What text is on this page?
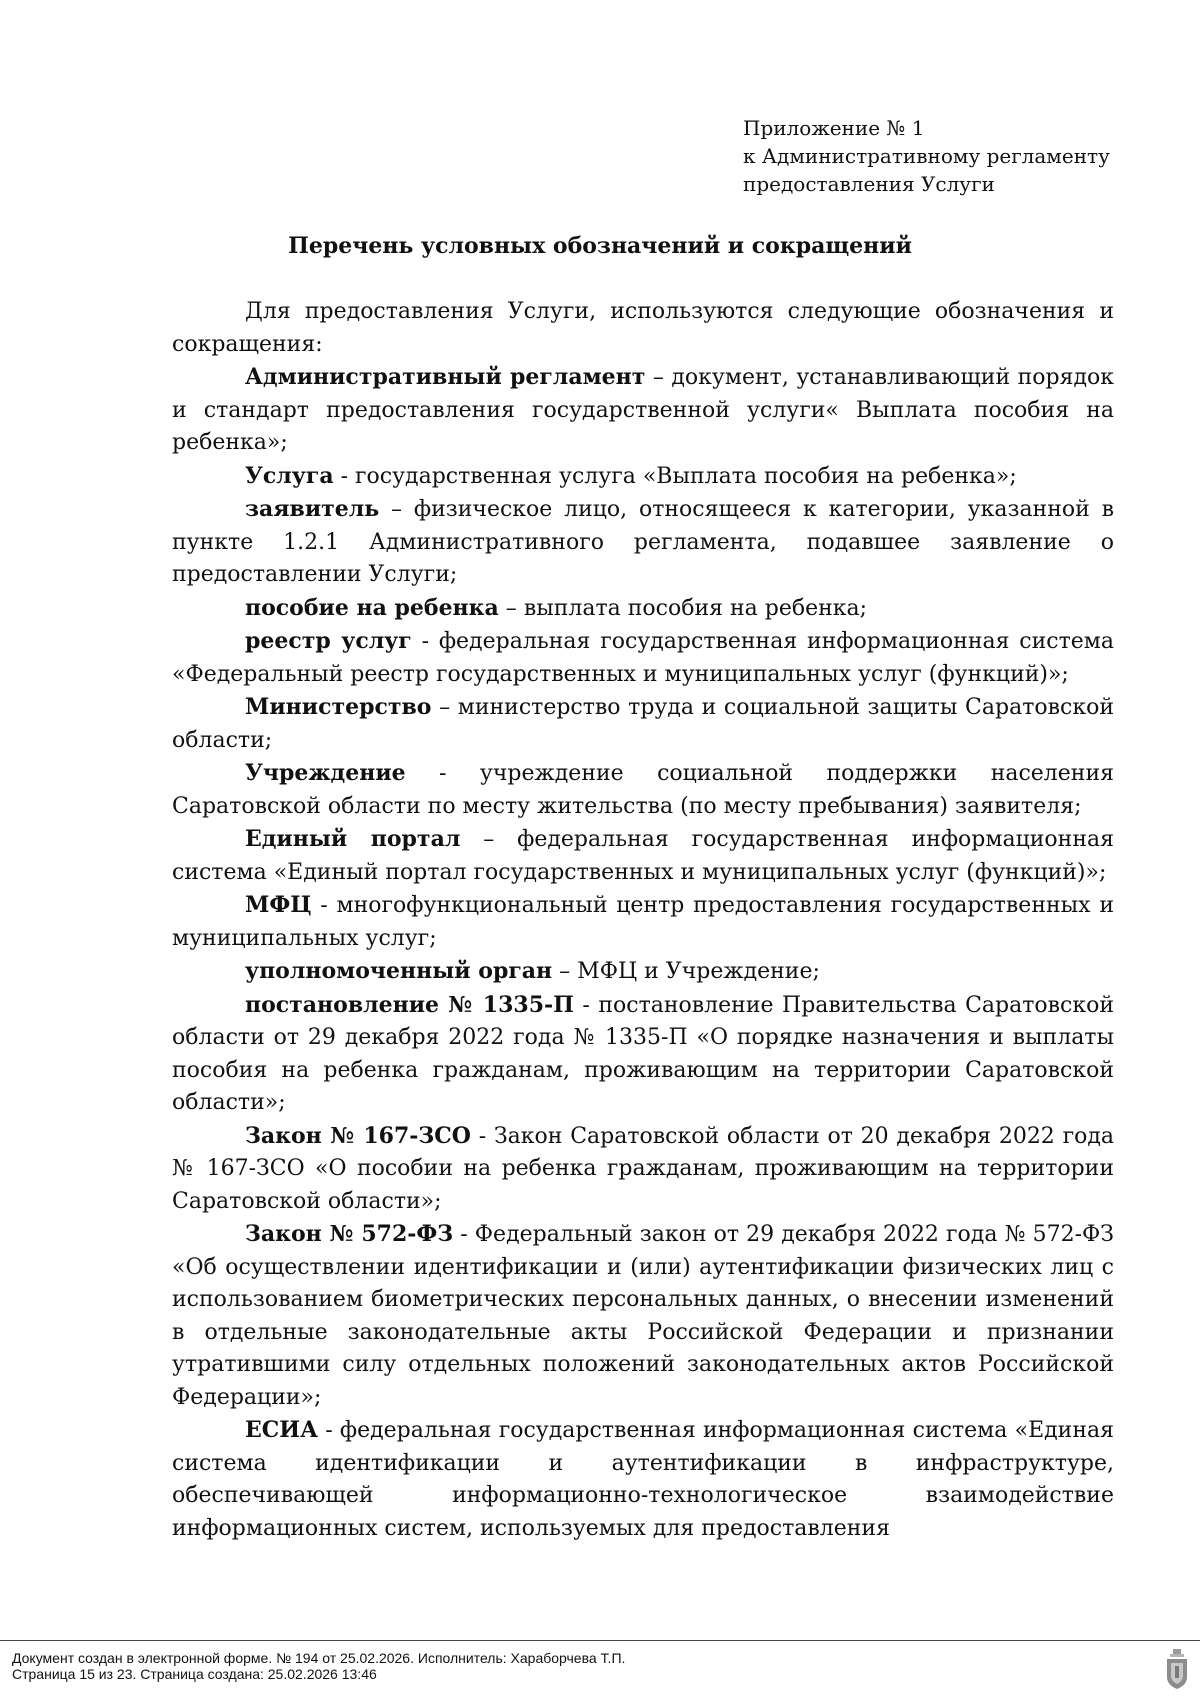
Приложение № 1
к Административному регламенту
предоставления Услуги
Перечень условных обозначений и сокращений

Для предоставления Услуги, используются следующие обозначения и сокращения:

Административный регламент – документ, устанавливающий порядок и стандарт предоставления государственной услуги« Выплата пособия на ребенка»;

Услуга - государственная услуга «Выплата пособия на ребенка»;

заявитель – физическое лицо, относящееся к категории, указанной в пункте 1.2.1 Административного регламента, подавшее заявление о предоставлении Услуги;

пособие на ребенка – выплата пособия на ребенка;

реестр услуг - федеральная государственная информационная система «Федеральный реестр государственных и муниципальных услуг (функций)»;

Министерство – министерство труда и социальной защиты Саратовской области;

Учреждение - учреждение социальной поддержки населения Саратовской области по месту жительства (по месту пребывания) заявителя;

Единый портал – федеральная государственная информационная система «Единый портал государственных и муниципальных услуг (функций)»;

МФЦ - многофункциональный центр предоставления государственных и муниципальных услуг;

уполномоченный орган – МФЦ и Учреждение;

постановление № 1335-П - постановление Правительства Саратовской области от 29 декабря 2022 года № 1335-П «О порядке назначения и выплаты пособия на ребенка гражданам, проживающим на территории Саратовской области»;

Закон № 167-ЗСО - Закон Саратовской области от 20 декабря 2022 года № 167-ЗСО «О пособии на ребенка гражданам, проживающим на территории Саратовской области»;

Закон № 572-ФЗ - Федеральный закон от 29 декабря 2022 года № 572-ФЗ «Об осуществлении идентификации и (или) аутентификации физических лиц с использованием биометрических персональных данных, о внесении изменений в отдельные законодательные акты Российской Федерации и признании утратившими силу отдельных положений законодательных актов Российской Федерации»;

ЕСИА - федеральная государственная информационная система «Единая система идентификации и аутентификации в инфраструктуре, обеспечивающей информационно-технологическое взаимодействие информационных систем, используемых для предоставления

Документ создан в электронной форме. № 194 от 25.02.2026. Исполнитель: Хараборчева Т.П.
Страница 15 из 23. Страница создана: 25.02.2026 13:46
